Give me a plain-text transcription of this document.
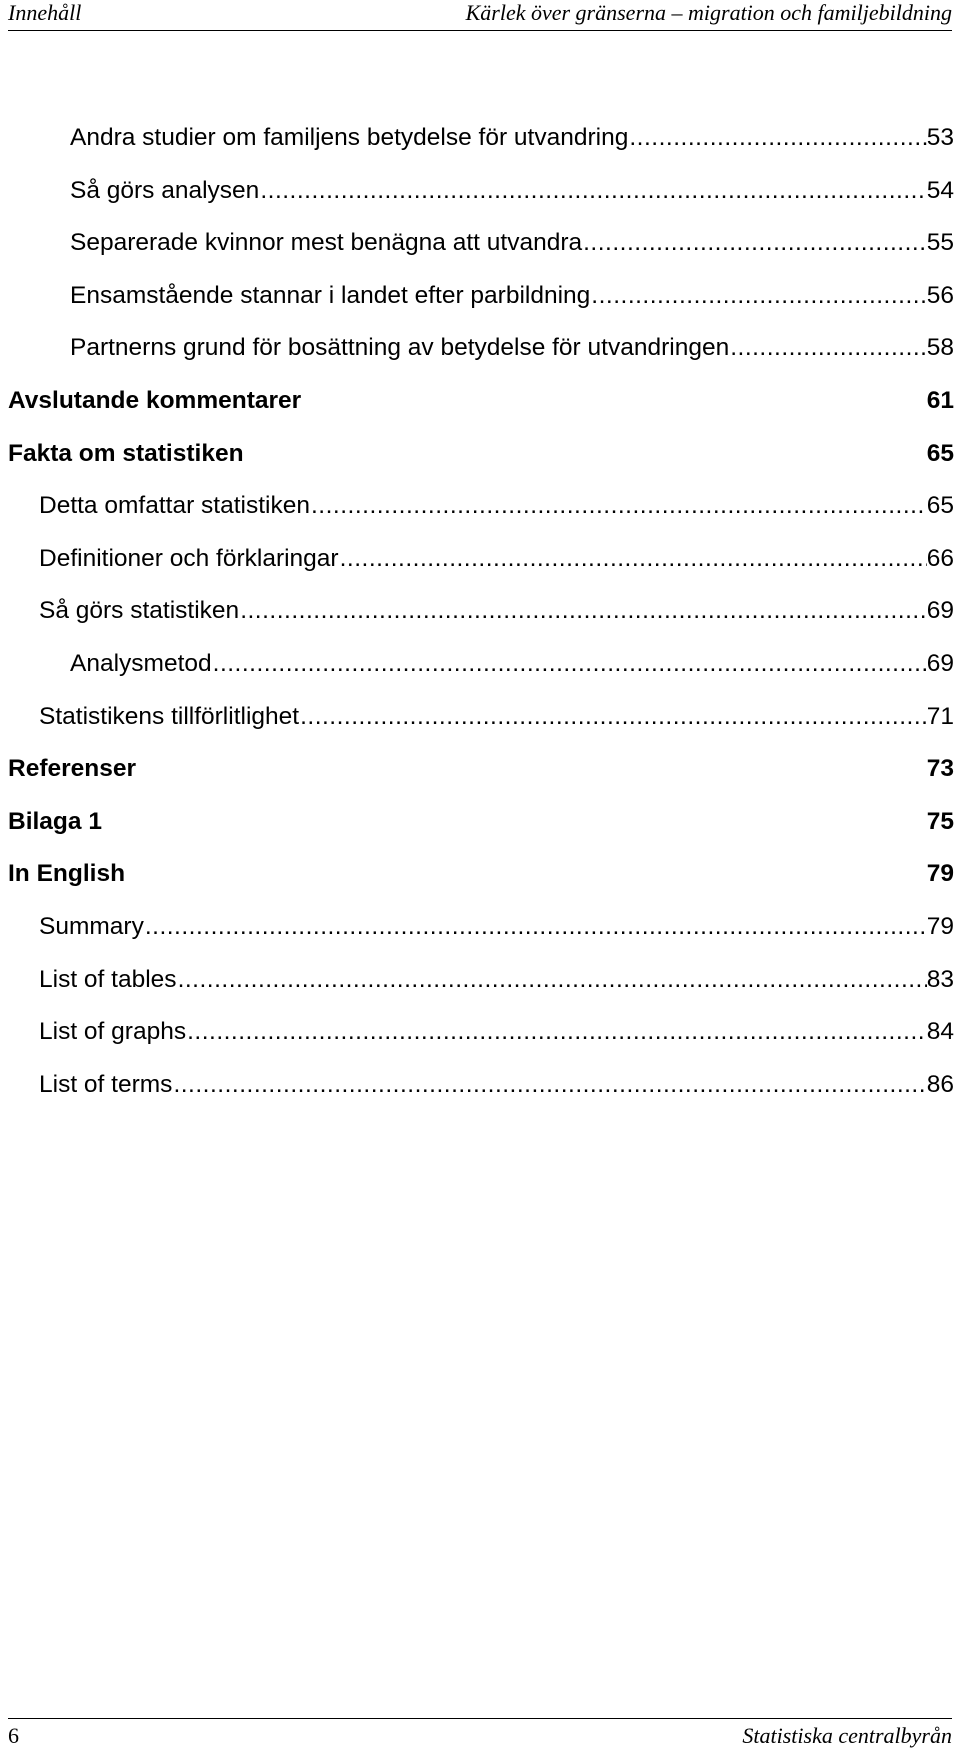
Innehåll	Kärlek över gränserna – migration och familjebildning
Andra studier om familjens betydelse för utvandring .....	53
Så görs analysen .....	54
Separerade kvinnor mest benägna att utvandra .....	55
Ensamstående stannar i landet efter parbildning .....	56
Partnerns grund för bosättning av betydelse för utvandringen .....	58
Avslutande kommentarer	61
Fakta om statistiken	65
Detta omfattar statistiken .....	65
Definitioner och förklaringar .....	66
Så görs statistiken .....	69
Analysmetod .....	69
Statistikens tillförlitlighet .....	71
Referenser	73
Bilaga 1	75
In English	79
Summary .....	79
List of tables .....	83
List of graphs .....	84
List of terms .....	86
6	Statistiska centralbyrån
